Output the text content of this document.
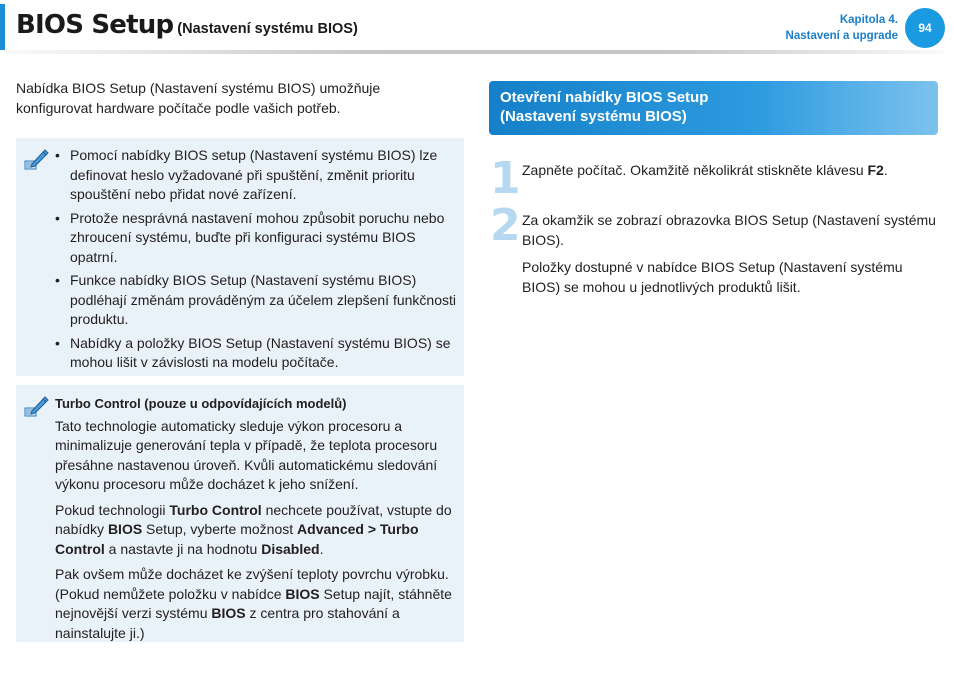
BIOS Setup (Nastavení systému BIOS)
Kapitola 4.
Nastavení a upgrade
94
Nabídka BIOS Setup (Nastavení systému BIOS) umožňuje konfigurovat hardware počítače podle vašich potřeb.
• Pomocí nabídky BIOS setup (Nastavení systému BIOS) lze definovat heslo vyžadované při spuštění, změnit prioritu spouštění nebo přidat nové zařízení.
• Protože nesprávná nastavení mohou způsobit poruchu nebo zhroucení systému, buďte při konfiguraci systému BIOS opatrní.
• Funkce nabídky BIOS Setup (Nastavení systému BIOS) podléhají změnám prováděným za účelem zlepšení funkčnosti produktu.
• Nabídky a položky BIOS Setup (Nastavení systému BIOS) se mohou lišit v závislosti na modelu počítače.

Turbo Control (pouze u odpovídajících modelů)

Tato technologie automaticky sleduje výkon procesoru a minimalizuje generování tepla v případě, že teplota procesoru přesáhne nastavenou úroveň. Kvůli automatickému sledování výkonu procesoru může docházet k jeho snížení.

Pokud technologii Turbo Control nechcete používat, vstupte do nabídky BIOS Setup, vyberte možnost Advanced > Turbo Control a nastavte ji na hodnotu Disabled.

Pak ovšem může docházet ke zvýšení teploty povrchu výrobku. (Pokud nemůžete položku v nabídce BIOS Setup najít, stáhněte nejnovější verzi systému BIOS z centra pro stahování a nainstalujte ji.)

Otevření nabídky BIOS Setup
(Nastavení systému BIOS)
1 Zapněte počítač. Okamžitě několikrát stiskněte klávesu F2.

2 Za okamžik se zobrazí obrazovka BIOS Setup (Nastavení systému BIOS).

Položky dostupné v nabídce BIOS Setup (Nastavení systému BIOS) se mohou u jednotlivých produktů lišit.
